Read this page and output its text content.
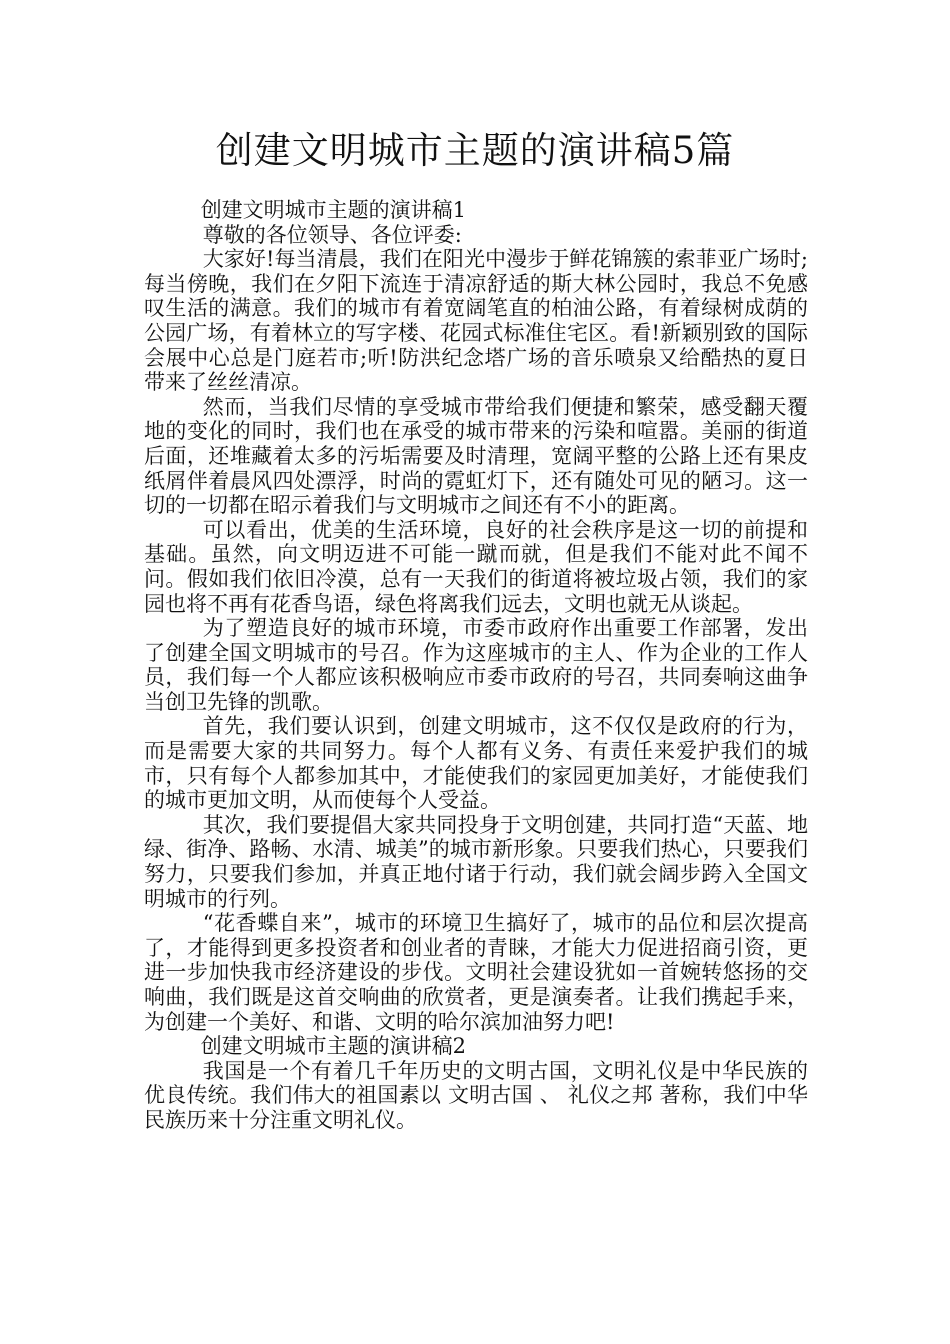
创建文明城市主题的演讲稿5篇

创建文明城市主题的演讲稿1

尊敬的各位领导、各位评委:

大家好!每当清晨，我们在阳光中漫步于鲜花锦簇的索菲亚广场时;每当傍晚，我们在夕阳下流连于清凉舒适的斯大林公园时，我总不免感叹生活的满意。我们的城市有着宽阔笔直的柏油公路，有着绿树成荫的公园广场，有着林立的写字楼、花园式标准住宅区。看!新颖别致的国际会展中心总是门庭若市;听!防洪纪念塔广场的音乐喷泉又给酷热的夏日带来了丝丝清凉。

然而，当我们尽情的享受城市带给我们便捷和繁荣，感受翻天覆地的变化的同时，我们也在承受的城市带来的污染和喧嚣。美丽的街道后面，还堆藏着太多的污垢需要及时清理，宽阔平整的公路上还有果皮纸屑伴着晨风四处漂浮，时尚的霓虹灯下，还有随处可见的陋习。这一切的一切都在昭示着我们与文明城市之间还有不小的距离。

可以看出，优美的生活环境，良好的社会秩序是这一切的前提和基础。虽然，向文明迈进不可能一蹴而就，但是我们不能对此不闻不问。假如我们依旧冷漠，总有一天我们的街道将被垃圾占领，我们的家园也将不再有花香鸟语，绿色将离我们远去，文明也就无从谈起。

为了塑造良好的城市环境，市委市政府作出重要工作部署，发出了创建全国文明城市的号召。作为这座城市的主人、作为企业的工作人员，我们每一个人都应该积极响应市委市政府的号召，共同奏响这曲争当创卫先锋的凯歌。

首先，我们要认识到，创建文明城市，这不仅仅是政府的行为，而是需要大家的共同努力。每个人都有义务、有责任来爱护我们的城市，只有每个人都参加其中，才能使我们的家园更加美好，才能使我们的城市更加文明，从而使每个人受益。

其次，我们要提倡大家共同投身于文明创建，共同打造“天蓝、地绿、街净、路畅、水清、城美”的城市新形象。只要我们热心，只要我们努力，只要我们参加，并真正地付诸于行动，我们就会阔步跨入全国文明城市的行列。

“花香蝶自来”，城市的环境卫生搞好了，城市的品位和层次提高了，才能得到更多投资者和创业者的青睐，才能大力促进招商引资，更进一步加快我市经济建设的步伐。文明社会建设犹如一首婉转悠扬的交响曲，我们既是这首交响曲的欣赏者，更是演奏者。让我们携起手来，为创建一个美好、和谐、文明的哈尔滨加油努力吧!

创建文明城市主题的演讲稿2

我国是一个有着几千年历史的文明古国，文明礼仪是中华民族的优良传统。我们伟大的祖国素以 文明古国 、 礼仪之邦 著称，我们中华民族历来十分注重文明礼仪。
